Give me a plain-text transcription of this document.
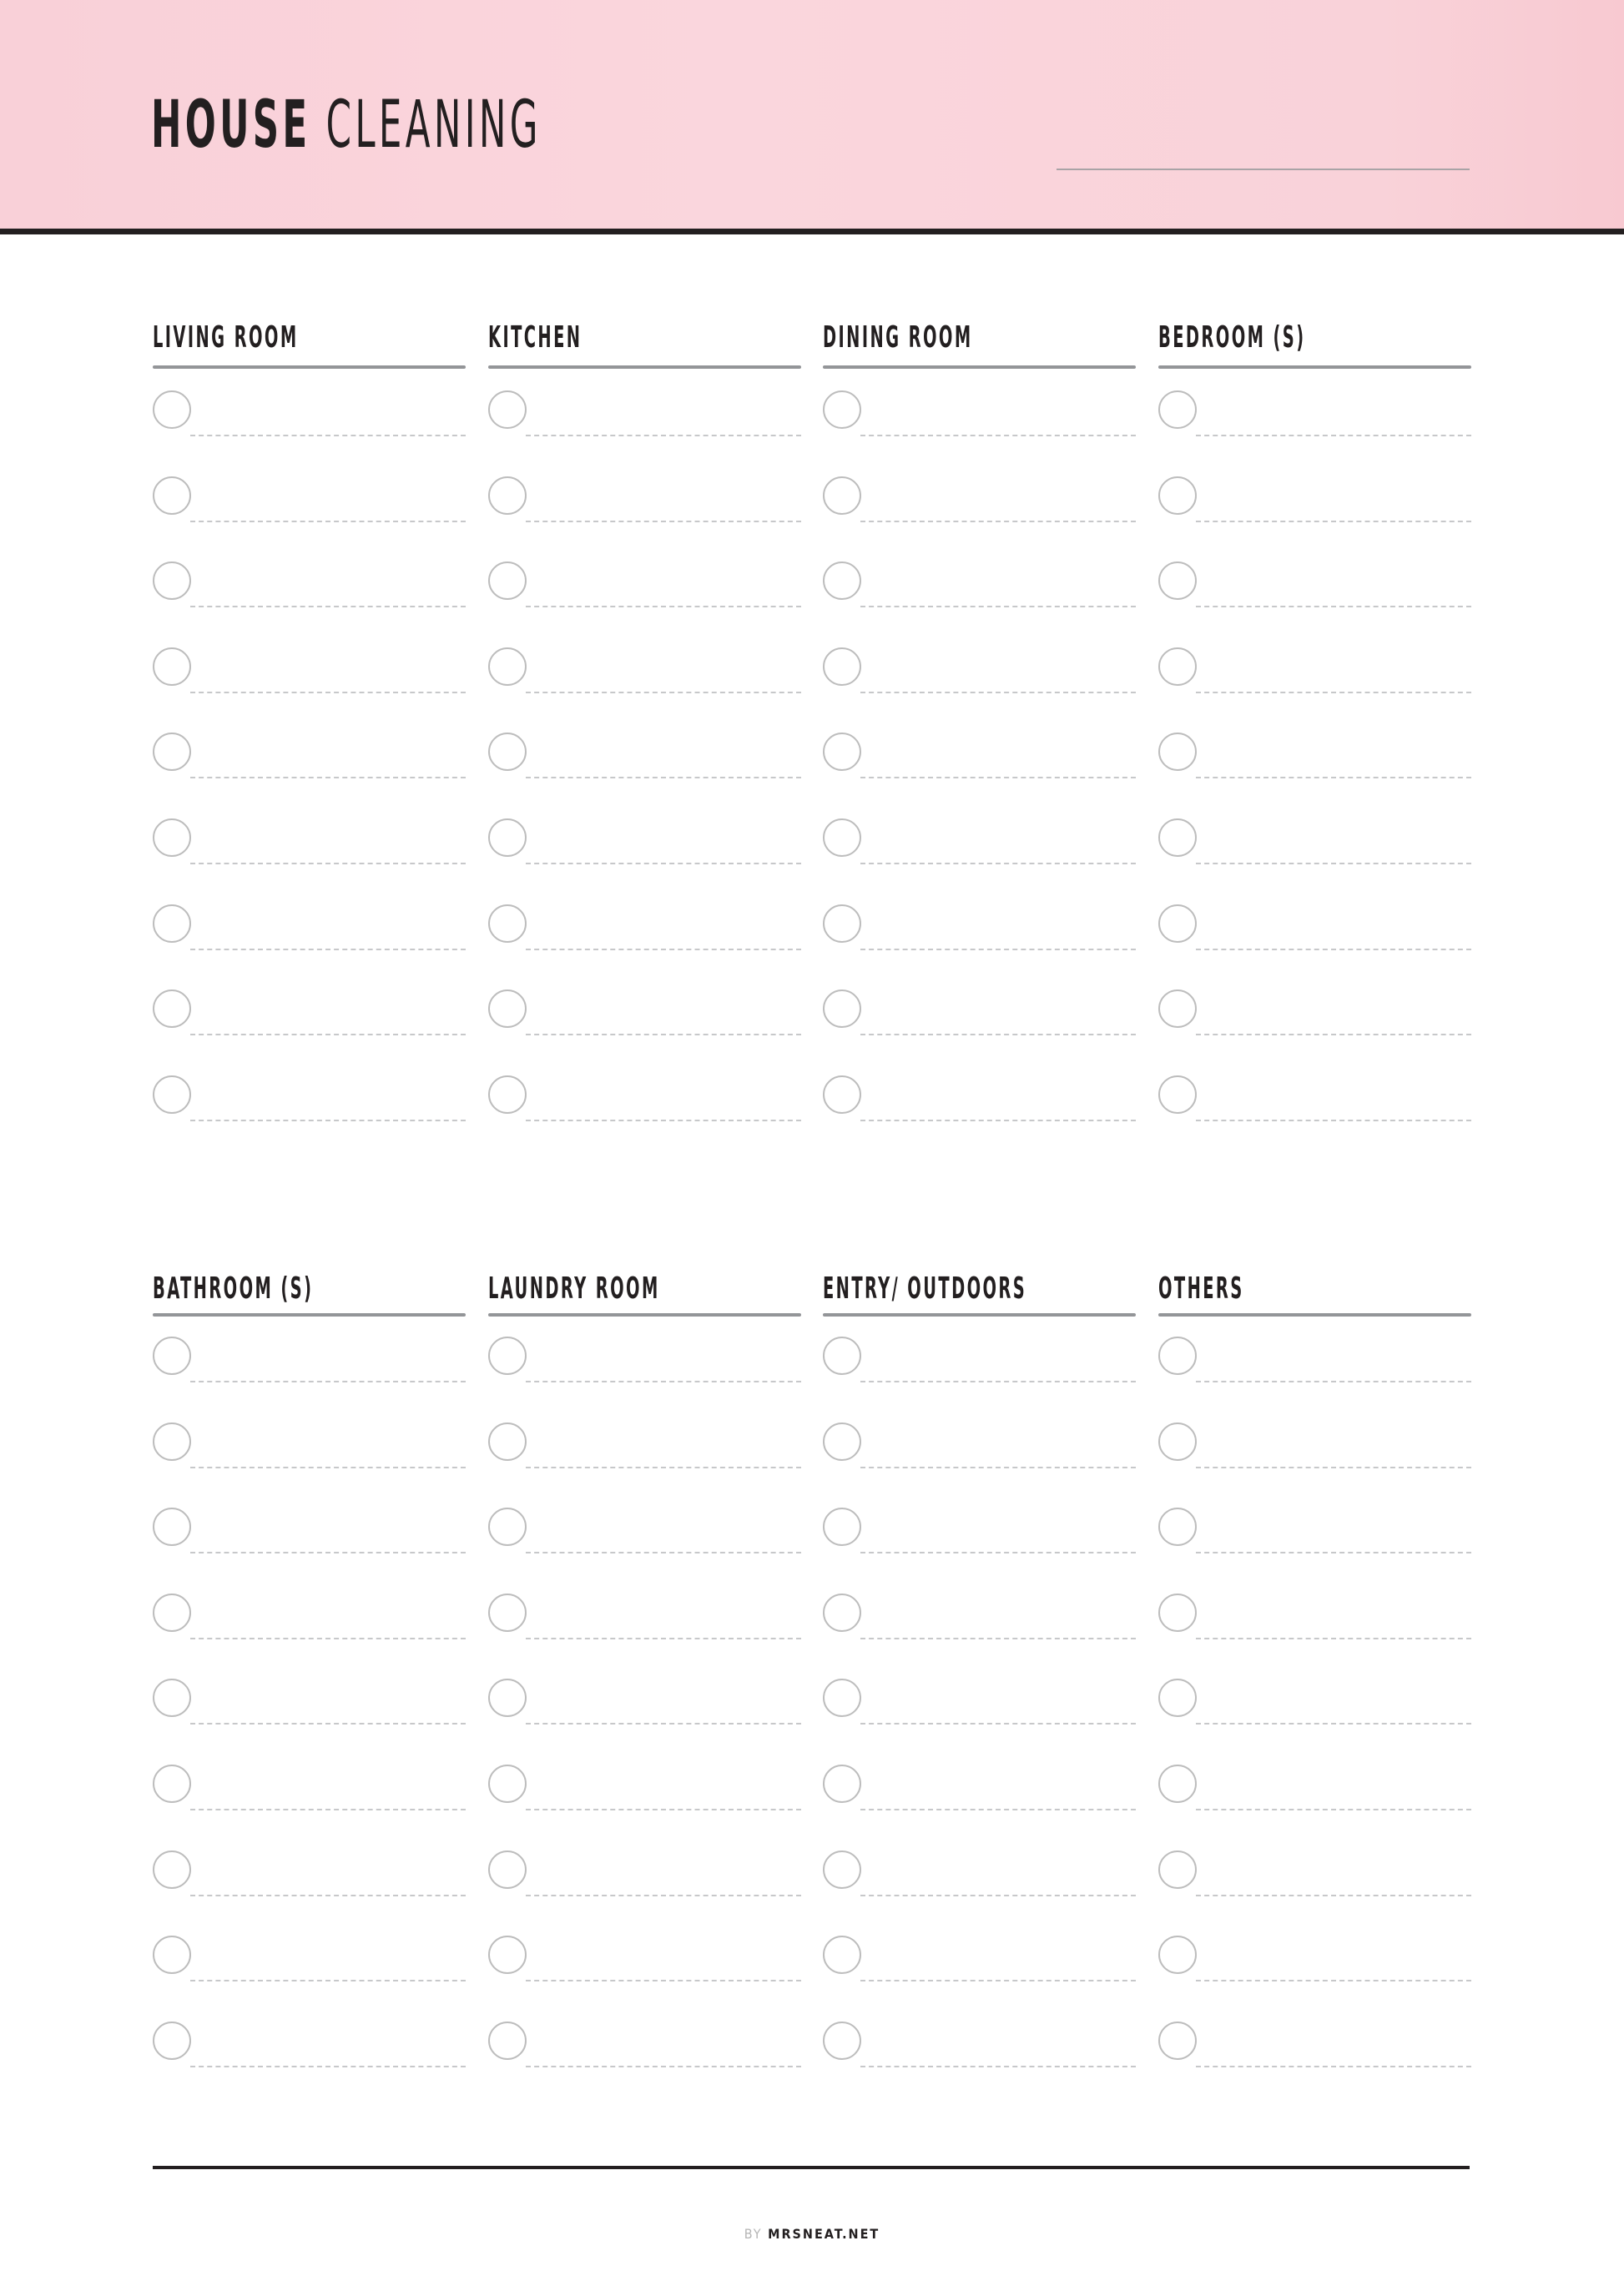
HOUSE CLEANING
LIVING ROOM	KITCHEN	DINING ROOM	BEDROOM (S)
BATHROOM (S)	LAUNDRY ROOM	ENTRY/ OUTDOORS	OTHERS
BY MRSNEAT.NET
